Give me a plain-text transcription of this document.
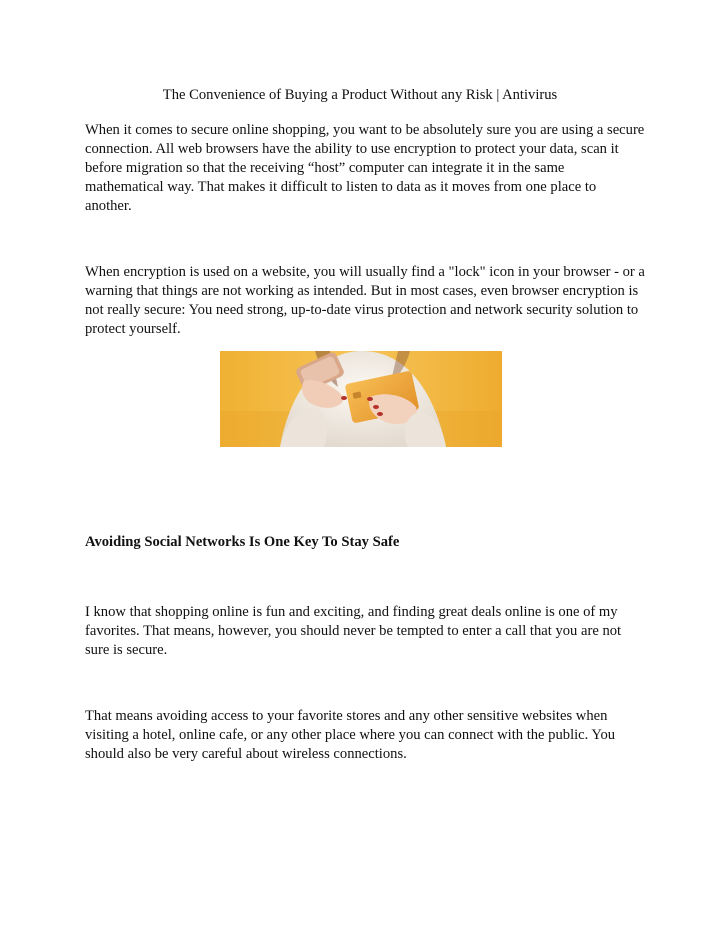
The Convenience of Buying a Product Without any Risk | Antivirus

When it comes to secure online shopping, you want to be absolutely sure you are using a secure connection. All web browsers have the ability to use encryption to protect your data, scan it before migration so that the receiving “host” computer can integrate it in the same mathematical way. That makes it difficult to listen to data as it moves from one place to another.

When encryption is used on a website, you will usually find a "lock" icon in your browser - or a warning that things are not working as intended. But in most cases, even browser encryption is not really secure: You need strong, up-to-date virus protection and network security solution to protect yourself.

Avoiding Social Networks Is One Key To Stay Safe

I know that shopping online is fun and exciting, and finding great deals online is one of my favorites. That means, however, you should never be tempted to enter a call that you are not sure is secure.

That means avoiding access to your favorite stores and any other sensitive websites when visiting a hotel, online cafe, or any other place where you can connect with the public. You should also be very careful about wireless connections.
